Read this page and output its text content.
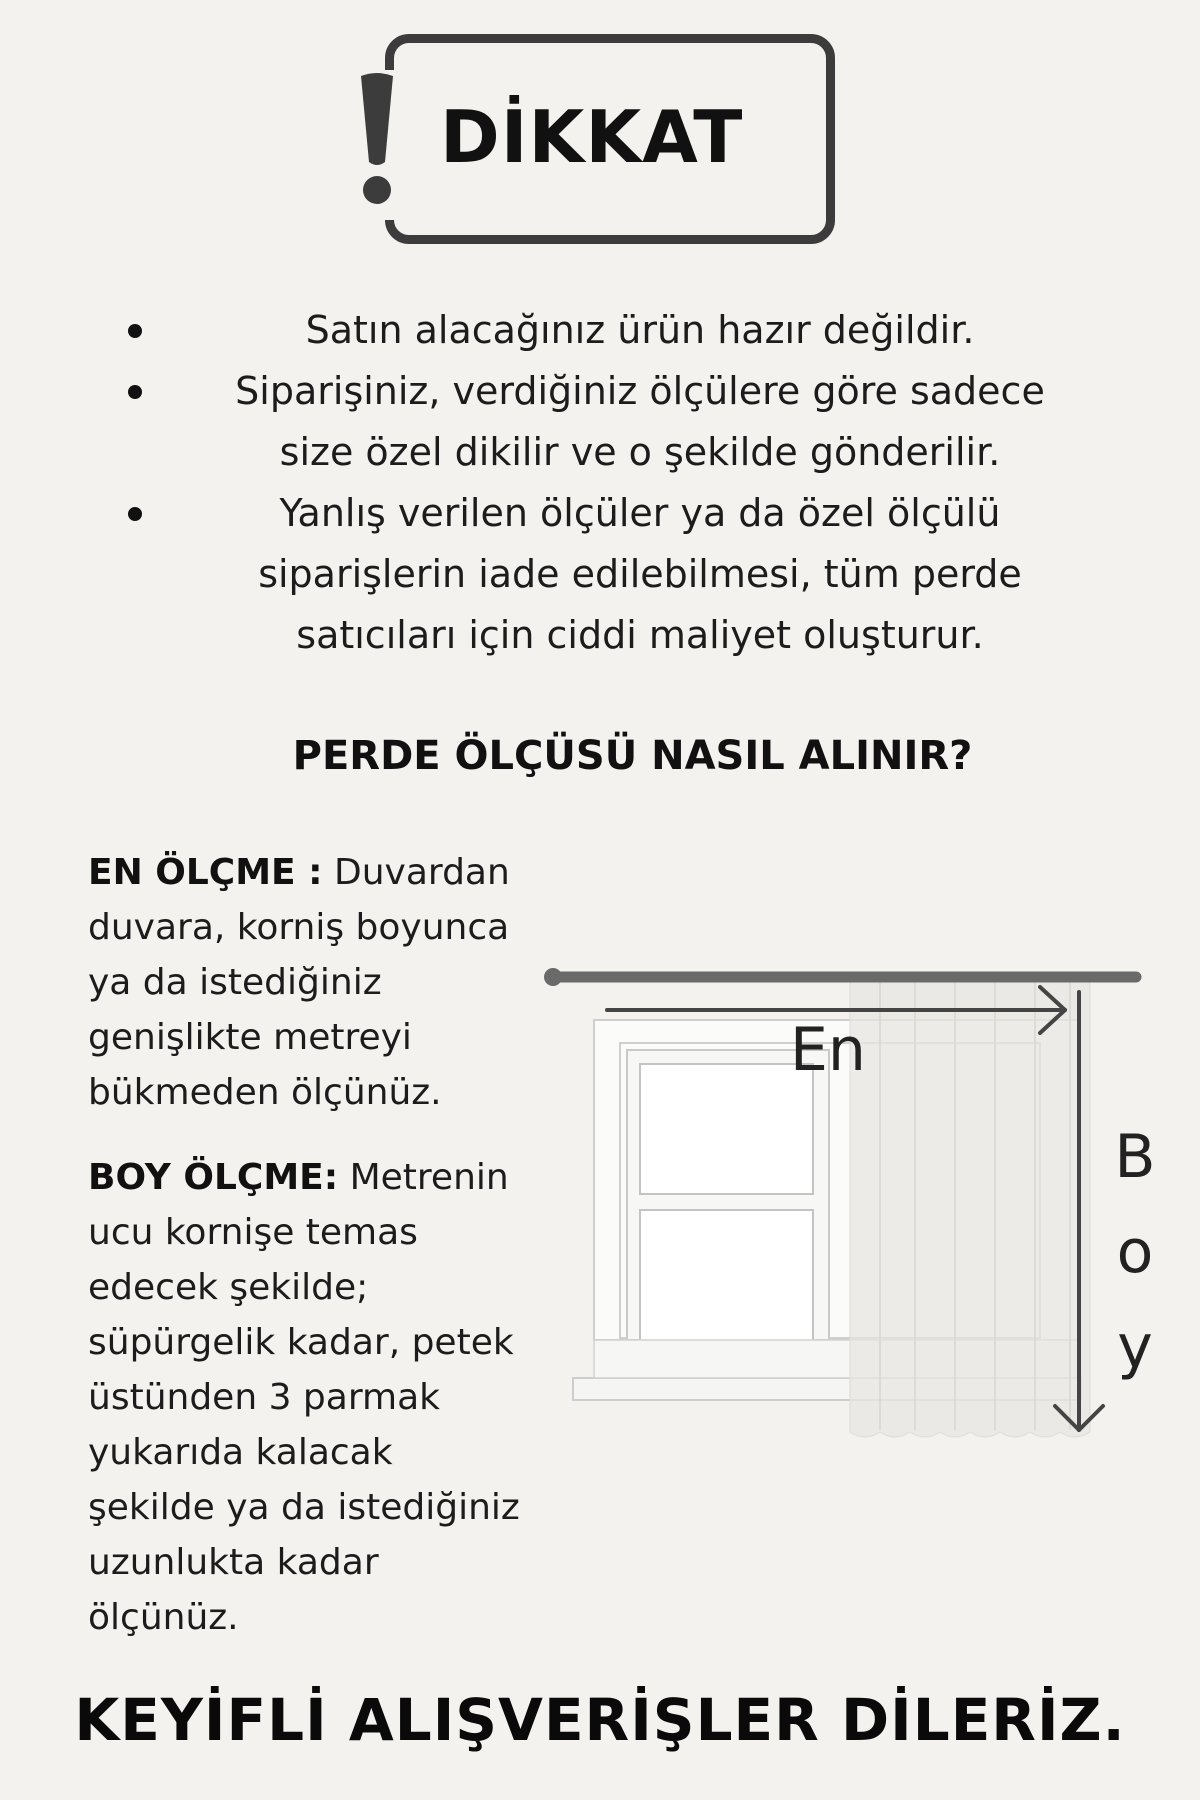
DİKKAT
Satın alacağınız ürün hazır değildir.
Siparişiniz, verdiğiniz ölçülere göre sadece
size özel dikilir ve o şekilde gönderilir.
Yanlış verilen ölçüler ya da özel ölçülü
siparişlerin iade edilebilmesi, tüm perde
satıcıları için ciddi maliyet oluşturur.
PERDE ÖLÇÜSÜ NASIL ALINIR?
EN ÖLÇME : Duvardan
duvara, korniş boyunca
ya da istediğiniz
genişlikte metreyi
bükmeden ölçünüz.
BOY ÖLÇME: Metrenin
ucu kornişe temas
edecek şekilde;
süpürgelik kadar, petek
üstünden 3 parmak
yukarıda kalacak
şekilde ya da istediğiniz
uzunlukta kadar
ölçünüz.
En
B
o
y
KEYİFLİ ALIŞVERİŞLER DİLERİZ.
